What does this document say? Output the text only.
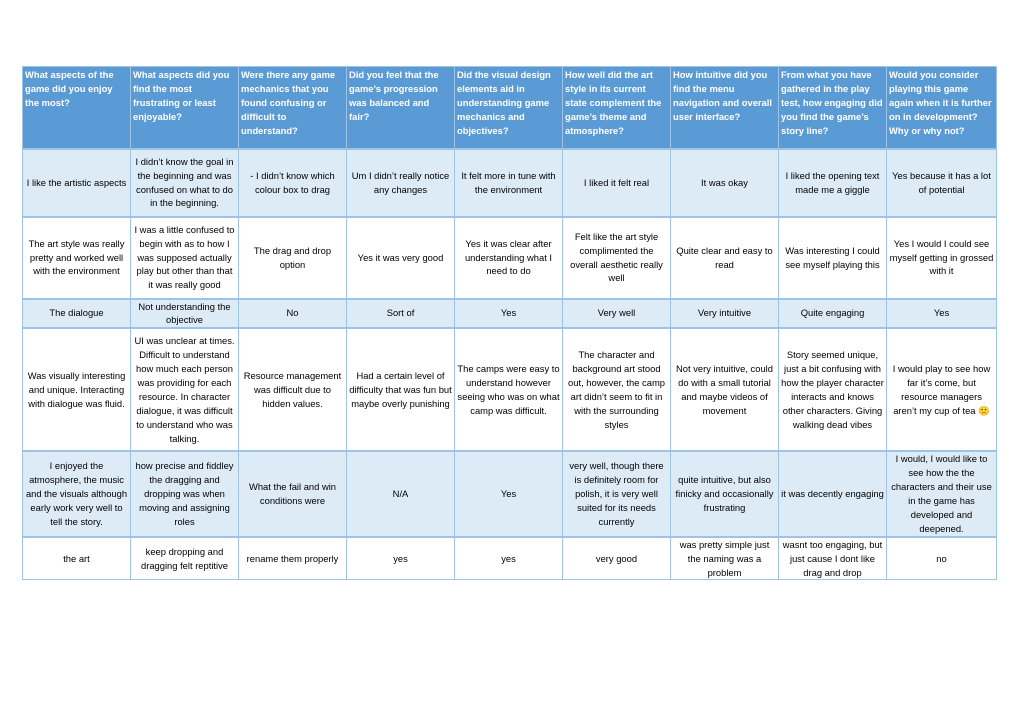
What aspects of the game did you enjoy the most?	What aspects did you find the most frustrating or least enjoyable?	Were there any game mechanics that you found confusing or difficult to understand?	Did you feel that the game’s progression was balanced and fair?	Did the visual design elements aid in understanding game mechanics and objectives?	How well did the art style in its current state complement the game’s theme and atmosphere?	How intuitive did you find the menu navigation and overall user interface?	From what you have gathered in the play test, how engaging did you find the game’s story line?	Would you consider playing this game again when it is further on in development? Why or why not?
I like the artistic aspects	I didn’t know the goal in the beginning and was confused on what to do in the beginning.	- I didn’t know which colour box to drag	Um I didn’t really notice any changes	It felt more in tune with the environment	I liked it felt real	It was okay	I liked the opening text made me a giggle	Yes because it has a lot of potential
The art style was really pretty and worked well with the environment	I was a little confused to begin with as to how I was supposed actually play but other than that it was really good	The drag and drop option	Yes it was very good	Yes it was clear after understanding what I need to do	Felt like the art style complimented the overall aesthetic really well	Quite clear and easy to read	Was interesting I could see myself playing this	Yes I would I could see myself getting in grossed with it
The dialogue	Not understanding the objective	No	Sort of	Yes	Very well	Very intuitive	Quite engaging	Yes
Was visually interesting and unique. Interacting with dialogue was fluid.	UI was unclear at times. Difficult to understand how much each person was providing for each resource. In character dialogue, it was difficult to understand who was talking.	Resource management was difficult due to hidden values.	Had a certain level of difficulty that was fun but maybe overly punishing	The camps were easy to understand however seeing who was on what camp was difficult.	The character and background art stood out, however, the camp art didn’t seem to fit in with the surrounding styles	Not very intuitive, could do with a small tutorial and maybe videos of movement	Story seemed unique, just a bit confusing with how the player character interacts and knows other characters. Giving walking dead vibes	I would play to see how far it’s come, but resource managers aren’t my cup of tea 🙂
I enjoyed the atmosphere, the music and the visuals although early work very well to tell the story.	how precise and fiddley the dragging and dropping was when moving and assigning roles	What the fail and win conditions were	N/A	Yes	very well, though there is definitely room for polish, it is very well suited for its needs currently	quite intuitive, but also finicky and occasionally frustrating	it was decently engaging	I would, I would like to see how the the characters and their use in the game has developed and deepened.
the art	keep dropping and dragging felt reptitive	rename them properly	yes	yes	very good	was pretty simple just the naming was a problem	wasnt too engaging, but just cause I dont like drag and drop	no
